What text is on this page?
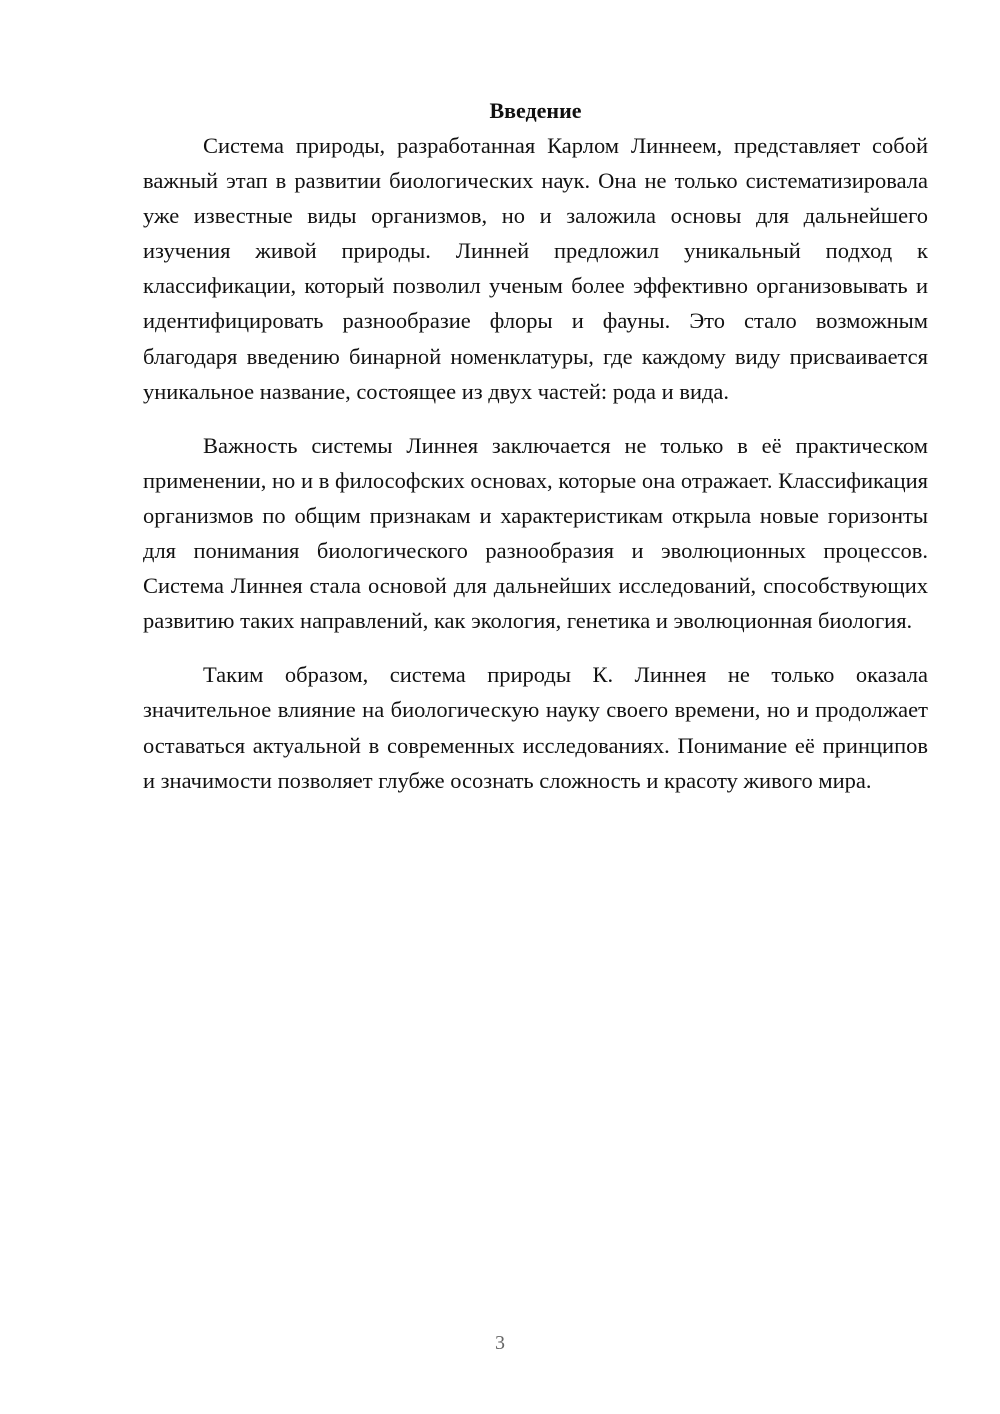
Введение

Система природы, разработанная Карлом Линнеем, представляет собой важный этап в развитии биологических наук. Она не только систематизировала уже известные виды организмов, но и заложила основы для дальнейшего изучения живой природы. Линней предложил уникальный подход к классификации, который позволил ученым более эффективно организовывать и идентифицировать разнообразие флоры и фауны. Это стало возможным благодаря введению бинарной номенклатуры, где каждому виду присваивается уникальное название, состоящее из двух частей: рода и вида.

Важность системы Линнея заключается не только в её практическом применении, но и в философских основах, которые она отражает. Классификация организмов по общим признакам и характеристикам открыла новые горизонты для понимания биологического разнообразия и эволюционных процессов. Система Линнея стала основой для дальнейших исследований, способствующих развитию таких направлений, как экология, генетика и эволюционная биология.

Таким образом, система природы К. Линнея не только оказала значительное влияние на биологическую науку своего времени, но и продолжает оставаться актуальной в современных исследованиях. Понимание её принципов и значимости позволяет глубже осознать сложность и красоту живого мира.

3
